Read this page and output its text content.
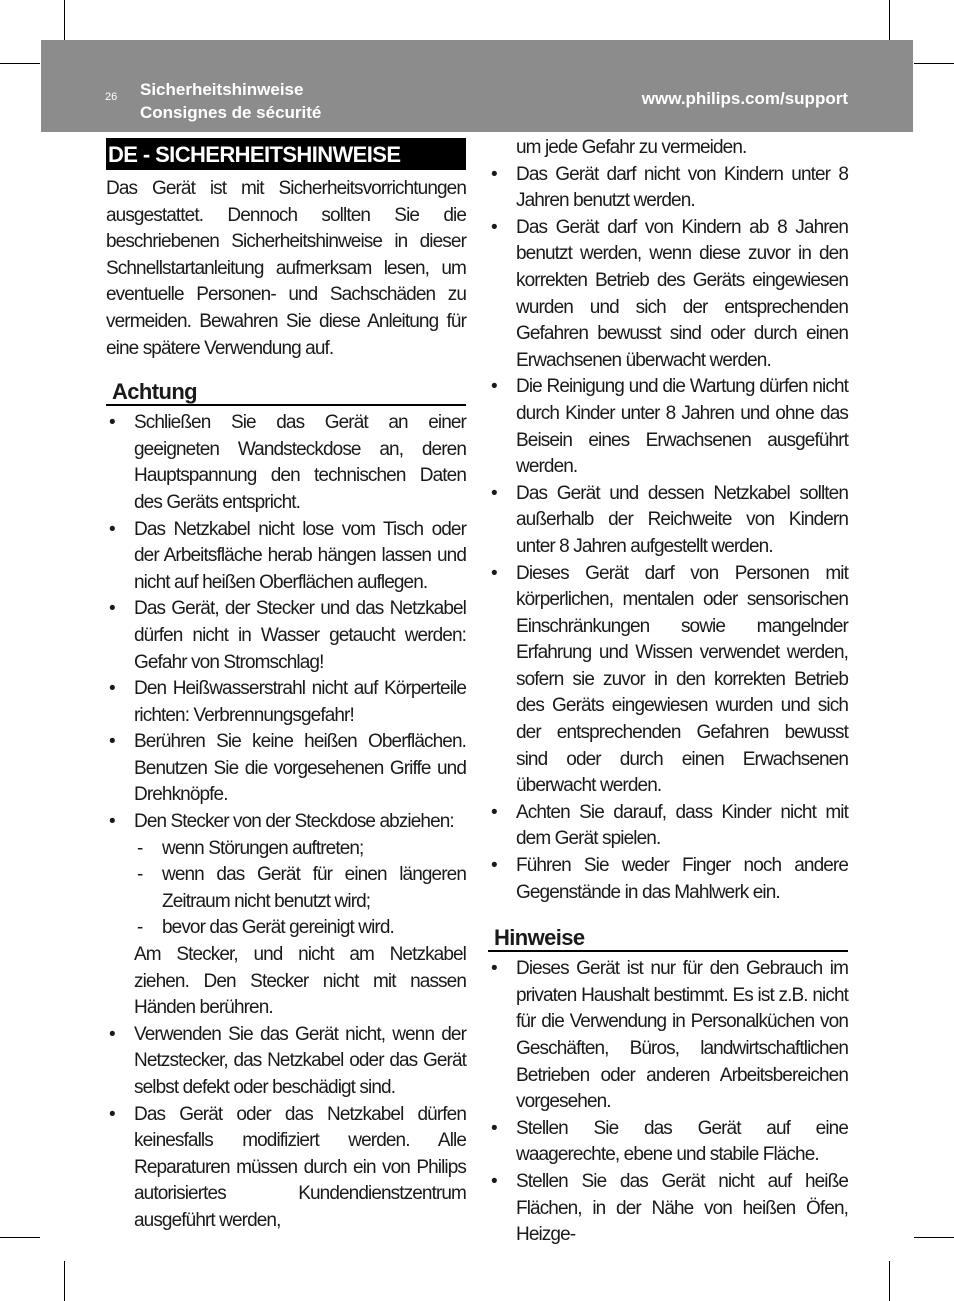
26 Sicherheitshinweise
Consignes de sécurité
www.philips.com/support
DE - SICHERHEITSHINWEISE

Das Gerät ist mit Sicherheitsvorrichtungen ausgestattet. Dennoch sollten Sie die beschriebenen Sicherheitshinweise in dieser Schnellstartanleitung aufmerksam lesen, um eventuelle Personen- und Sachschäden zu vermeiden. Bewahren Sie diese Anleitung für eine spätere Verwendung auf.

Achtung
• Schließen Sie das Gerät an einer geeigneten Wandsteckdose an, deren Hauptspannung den technischen Daten des Geräts entspricht.
• Das Netzkabel nicht lose vom Tisch oder der Arbeitsfläche herab hängen lassen und nicht auf heißen Oberflächen auflegen.
• Das Gerät, der Stecker und das Netzkabel dürfen nicht in Wasser getaucht werden: Gefahr von Stromschlag!
• Den Heißwasserstrahl nicht auf Körperteile richten: Verbrennungsgefahr!
• Berühren Sie keine heißen Oberflächen. Benutzen Sie die vorgesehenen Griffe und Drehknöpfe.
• Den Stecker von der Steckdose abziehen:
- wenn Störungen auftreten;
- wenn das Gerät für einen längeren Zeitraum nicht benutzt wird;
- bevor das Gerät gereinigt wird.

Am Stecker, und nicht am Netzkabel ziehen. Den Stecker nicht mit nassen Händen berühren.

• Verwenden Sie das Gerät nicht, wenn der Netzstecker, das Netzkabel oder das Gerät selbst defekt oder beschädigt sind.
• Das Gerät oder das Netzkabel dürfen keinesfalls modifiziert werden. Alle Reparaturen müssen durch ein von Philips autorisiertes Kundendienstzentrum ausgeführt werden,

um jede Gefahr zu vermeiden.

• Das Gerät darf nicht von Kindern unter 8 Jahren benutzt werden.
• Das Gerät darf von Kindern ab 8 Jahren benutzt werden, wenn diese zuvor in den korrekten Betrieb des Geräts eingewiesen wurden und sich der entsprechenden Gefahren bewusst sind oder durch einen Erwachsenen überwacht werden.
• Die Reinigung und die Wartung dürfen nicht durch Kinder unter 8 Jahren und ohne das Beisein eines Erwachsenen ausgeführt werden.
• Das Gerät und dessen Netzkabel sollten außerhalb der Reichweite von Kindern unter 8 Jahren aufgestellt werden.
• Dieses Gerät darf von Personen mit körperlichen, mentalen oder sensorischen Einschränkungen sowie mangelnder Erfahrung und Wissen verwendet werden, sofern sie zuvor in den korrekten Betrieb des Geräts eingewiesen wurden und sich der entsprechenden Gefahren bewusst sind oder durch einen Erwachsenen überwacht werden.
• Achten Sie darauf, dass Kinder nicht mit dem Gerät spielen.
• Führen Sie weder Finger noch andere Gegenstände in das Mahlwerk ein.
Hinweise
• Dieses Gerät ist nur für den Gebrauch im privaten Haushalt bestimmt. Es ist z.B. nicht für die Verwendung in Personalküchen von Geschäften, Büros, landwirtschaftlichen Betrieben oder anderen Arbeitsbereichen vorgesehen.
• Stellen Sie das Gerät auf eine waagerechte, ebene und stabile Fläche.
• Stellen Sie das Gerät nicht auf heiße Flächen, in der Nähe von heißen Öfen, Heizge-
